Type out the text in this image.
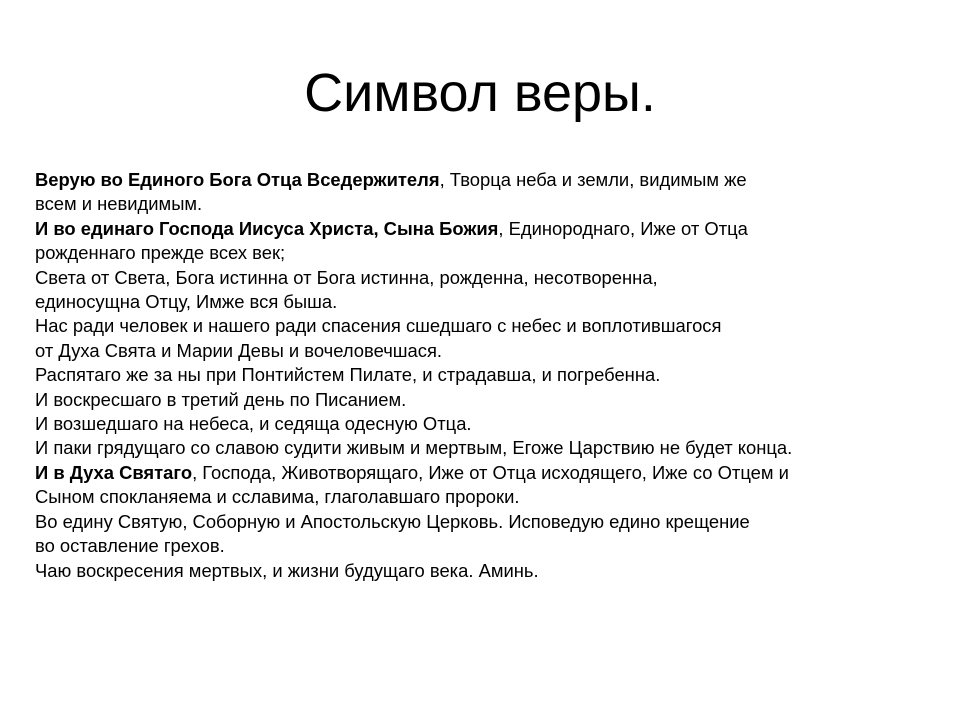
Символ веры.
Верую во Единого Бога Отца Вседержителя, Творца неба и земли, видимым же
всем и невидимым.
И во единаго Господа Иисуса Христа, Сына Божия, Единороднаго, Иже от Отца
рожденнаго прежде всех век;
Света от Света, Бога истинна от Бога истинна, рожденна, несотворенна,
единосущна Отцу, Имже вся быша.
Нас ради человек и нашего ради спасения сшедшаго с небес и воплотившагося
от Духа Свята и Марии Девы и вочеловечшася.
Распятаго же за ны при Понтийстем Пилате, и страдавша, и погребенна.
И воскресшаго в третий день по Писанием.
И возшедшаго на небеса, и седяща одесную Отца.
И паки грядущаго со славою судити живым и мертвым, Егоже Царствию не будет конца.
И в Духа Святаго, Господа, Животворящаго, Иже от Отца исходящего, Иже со Отцем и
Сыном спокланяема и сславима, глаголавшаго пророки.
Во едину Святую, Соборную и Апостольскую Церковь. Исповедую едино крещение
во оставление грехов.
Чаю воскресения мертвых, и жизни будущаго века. Аминь.
